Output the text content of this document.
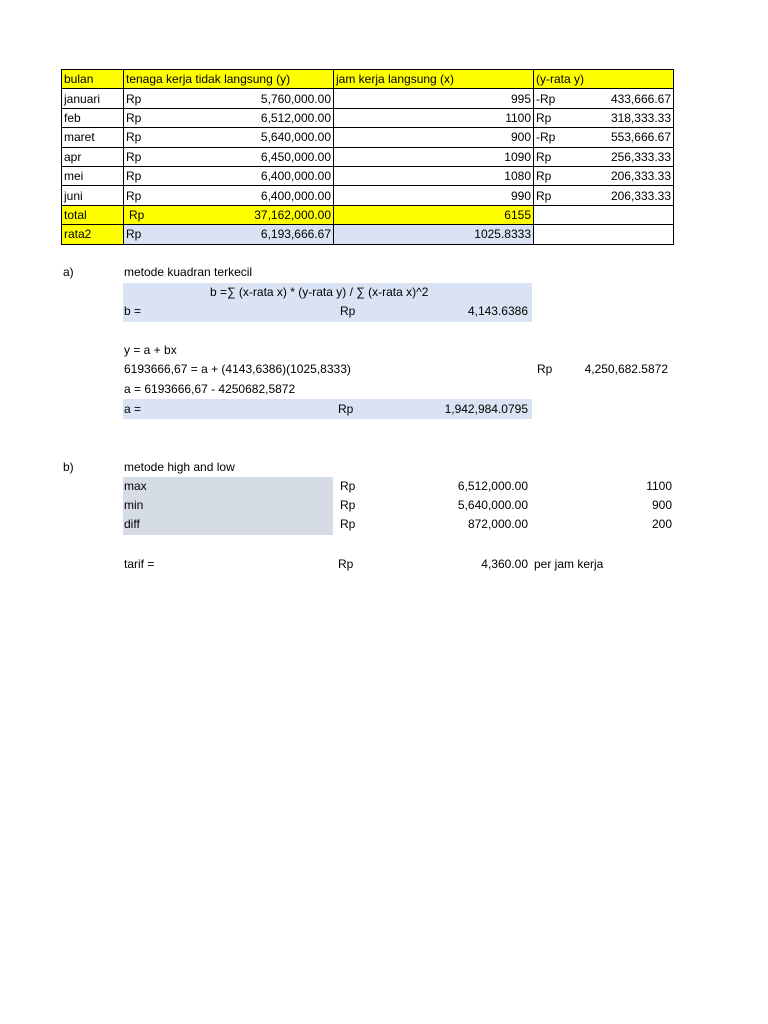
bulan	tenaga kerja tidak langsung (y)	jam kerja langsung (x)	(y-rata y)
januari	Rp 5,760,000.00	995	-Rp 433,666.67

feb	Rp 6,512,000.00	1100	Rp 318,333.33

maret	Rp 5,640,000.00	900	-Rp 553,666.67

apr	Rp 6,450,000.00	1090	Rp 256,333.33

mei	Rp 6,400,000.00	1080	Rp 206,333.33

juni	Rp 6,400,000.00	990	Rp 206,333.33

total	Rp 37,162,000.00	6155	
rata2	Rp 6,193,666.67	1025.8333	
a)	metode kuadran terkecil
b =∑ (x-rata x) * (y-rata y) / ∑ (x-rata x)^2
b =	Rp	4,143.6386
y = a + bx
6193666,67 = a + (4143,6386)(1025,8333)	Rp	4,250,682.5872
a = 6193666,67 - 4250682,5872
a =	Rp	1,942,984.0795
b)	metode high and low
max	Rp	6,512,000.00	1100
min	Rp	5,640,000.00	900
diff	Rp	872,000.00	200
tarif =	Rp	4,360.00 per jam kerja
